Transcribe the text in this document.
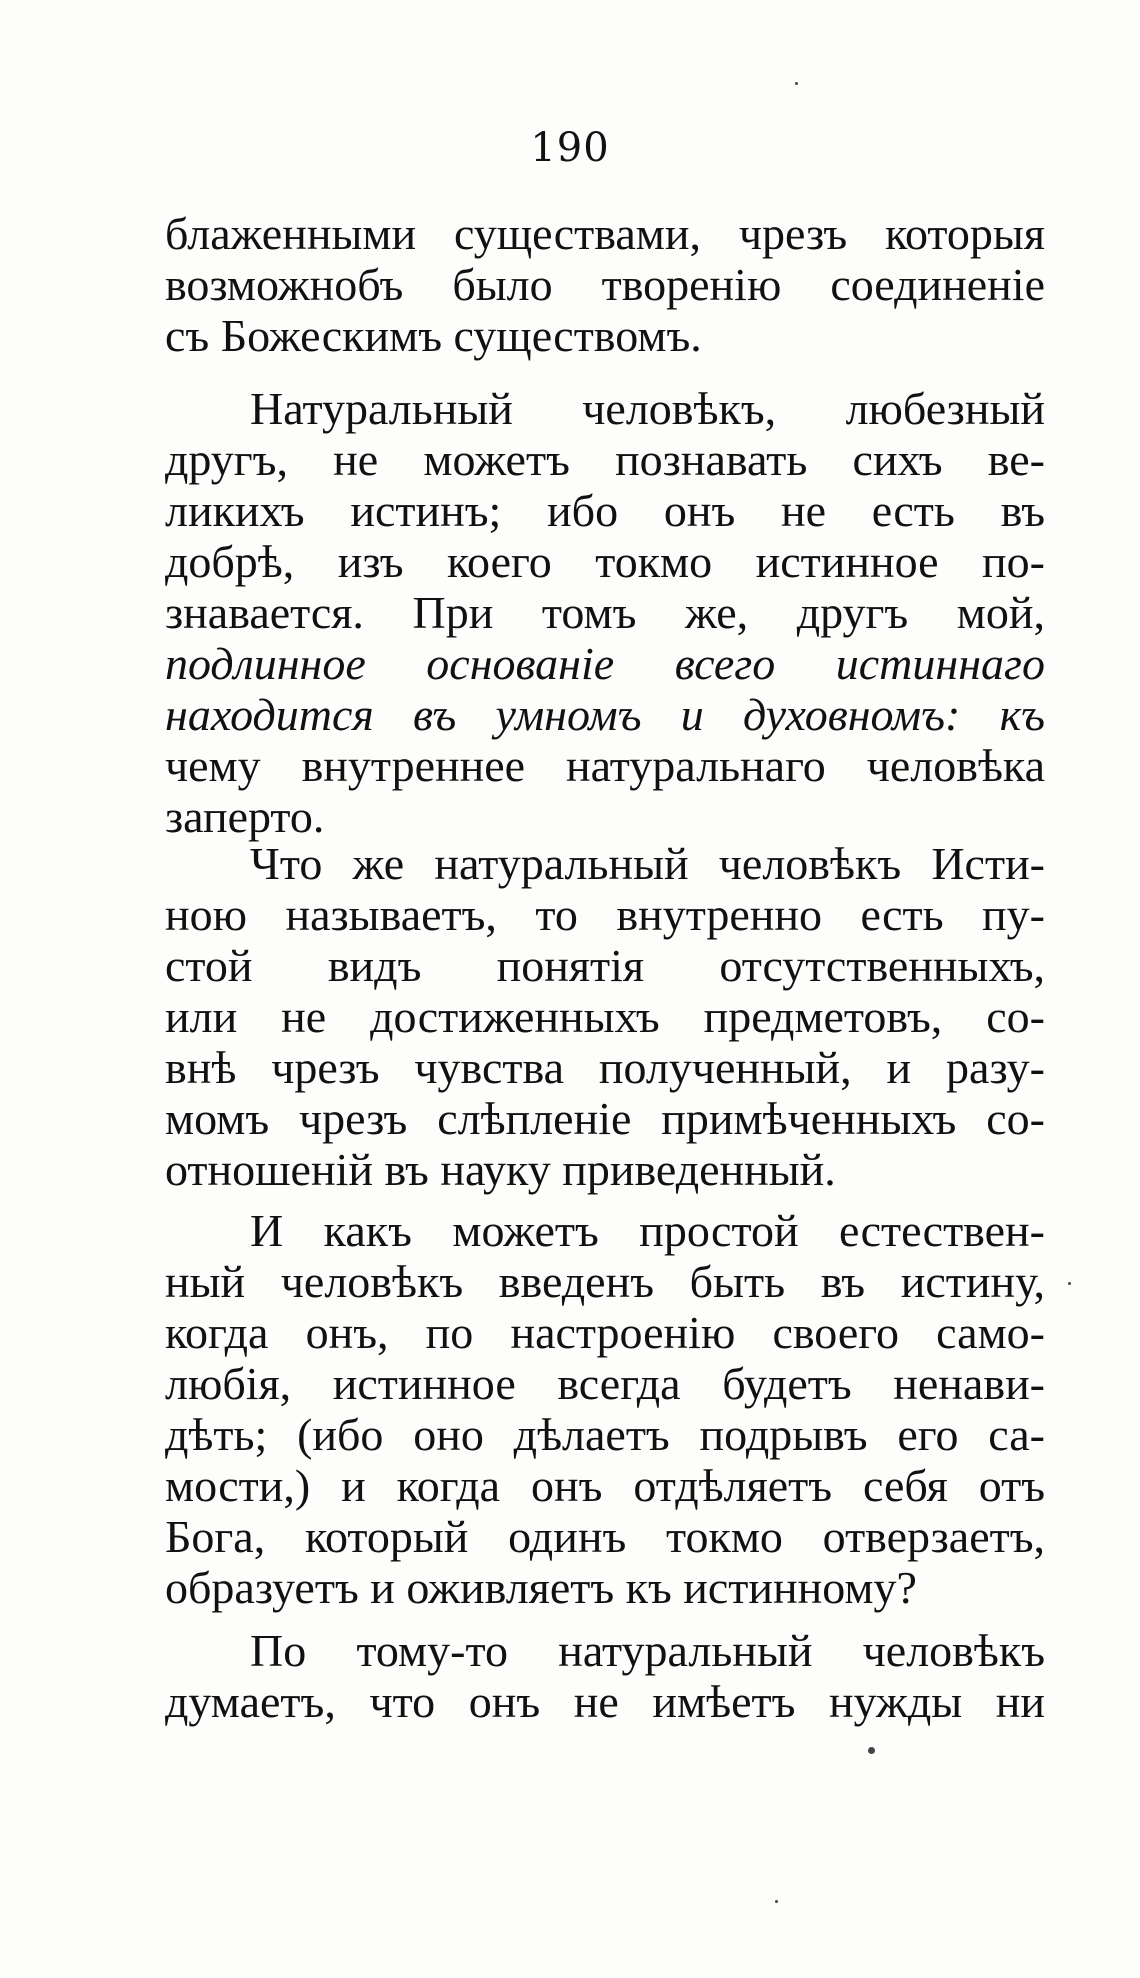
190
блаженными существами, чрезъ которыя
возможнобъ было творенію соединеніе
съ Божескимъ существомъ.
Натуральный человѣкъ, любезный
другъ, не можетъ познавать сихъ ве-
ликихъ истинъ; ибо онъ не есть въ
добрѣ, изъ коего токмо истинное по-
знавается. При томъ же, другъ мой,
подлинное основаніе всего истиннаго
находится въ умномъ и духовномъ: къ
чему внутреннее натуральнаго человѣка
заперто.
Что же натуральный человѣкъ Исти-
ною называетъ, то внутренно есть пу-
стой видъ понятія отсутственныхъ,
или не достиженныхъ предметовъ, со-
внѣ чрезъ чувства полученный, и разу-
момъ чрезъ слѣпленіе примѣченныхъ со-
отношеній въ науку приведенный.
И какъ можетъ простой естествен-
ный человѣкъ введенъ быть въ истину,
когда онъ, по настроенію своего само-
любія, истинное всегда будетъ ненави-
дѣть; (ибо оно дѣлаетъ подрывъ его са-
мости,) и когда онъ отдѣляетъ себя отъ
Бога, который одинъ токмо отверзаетъ,
образуетъ и оживляетъ къ истинному?
По тому-то натуральный человѣкъ
думаетъ, что онъ не имѣетъ нужды ни
